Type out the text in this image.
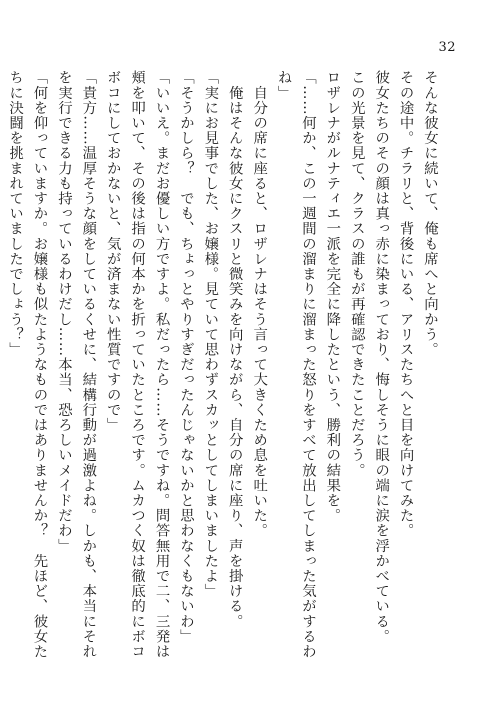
32
そんな彼女に続いて、俺も席へと向かう。
その途中。チラリと、背後にいる、アリスたちへと目を向けてみた。
彼女たちのその顔は真っ赤に染まっており、悔しそうに眼の端に涙を浮かべている。
この光景を見て、クラスの誰もが再確認できたことだろう。
ロザレナがルナティエ一派を完全に降したという、勝利の結果を。
「……何か、この一週間の溜まりに溜まった怒りをすべて放出してしまった気がするわね」
　自分の席に座ると、ロザレナはそう言って大きくため息を吐いた。
　俺はそんな彼女にクスリと微笑みを向けながら、自分の席に座り、声を掛ける。
「実にお見事でした、お嬢様。見ていて思わずスカッとしてしまいましたよ」
「そうかしら？　でも、ちょっとやりすぎだったんじゃないかと思わなくもないわ」
「いいえ。まだお優しい方ですよ。私だったら……そうですね。問答無用で二、三発は頬を叩いて、その後は指の何本かを折っていたところです。ムカつく奴は徹底的にボコボコにしておかないと、気が済まない性質ですので」
「貴方……温厚そうな顔をしているくせに、結構行動が過激よね。しかも、本当にそれを実行できる力も持っているわけだし……本当、恐ろしいメイドだわ」
「何を仰っていますか。お嬢様も似たようなものではありませんか？　先ほど、彼女たちに決闘を挑まれていましたでしょう？」
